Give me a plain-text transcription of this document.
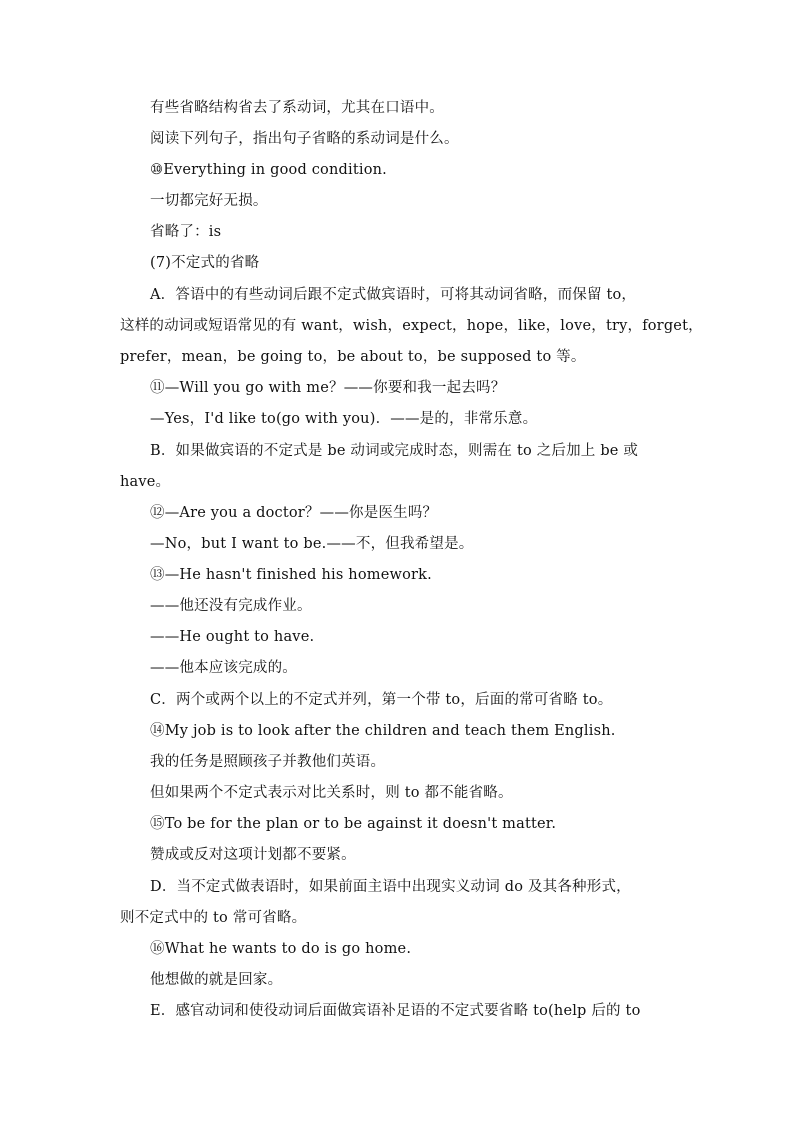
有些省略结构省去了系动词，尤其在口语中。
阅读下列句子，指出句子省略的系动词是什么。
⑩Everything in good condition.
一切都完好无损。
省略了：is
(7)不定式的省略
A．答语中的有些动词后跟不定式做宾语时，可将其动词省略，而保留 to，
这样的动词或短语常见的有 want，wish，expect，hope，like，love，try，forget，
prefer，mean，be going to，be about to，be supposed to 等。
⑪—Will you go with me？——你要和我一起去吗？
—Yes，I'd like to(go with you)．——是的，非常乐意。
B．如果做宾语的不定式是 be 动词或完成时态，则需在 to 之后加上 be 或
have。
⑫—Are you a doctor？——你是医生吗？
—No，but I want to be.——不，但我希望是。
⑬—He hasn't finished his homework.
——他还没有完成作业。
——He ought to have.
——他本应该完成的。
C．两个或两个以上的不定式并列，第一个带 to，后面的常可省略 to。
⑭My job is to look after the children and teach them English.
我的任务是照顾孩子并教他们英语。
但如果两个不定式表示对比关系时，则 to 都不能省略。
⑮To be for the plan or to be against it doesn't matter.
赞成或反对这项计划都不要紧。
D．当不定式做表语时，如果前面主语中出现实义动词 do 及其各种形式，
则不定式中的 to 常可省略。
⑯What he wants to do is go home.
他想做的就是回家。
E．感官动词和使役动词后面做宾语补足语的不定式要省略 to(help 后的 to
